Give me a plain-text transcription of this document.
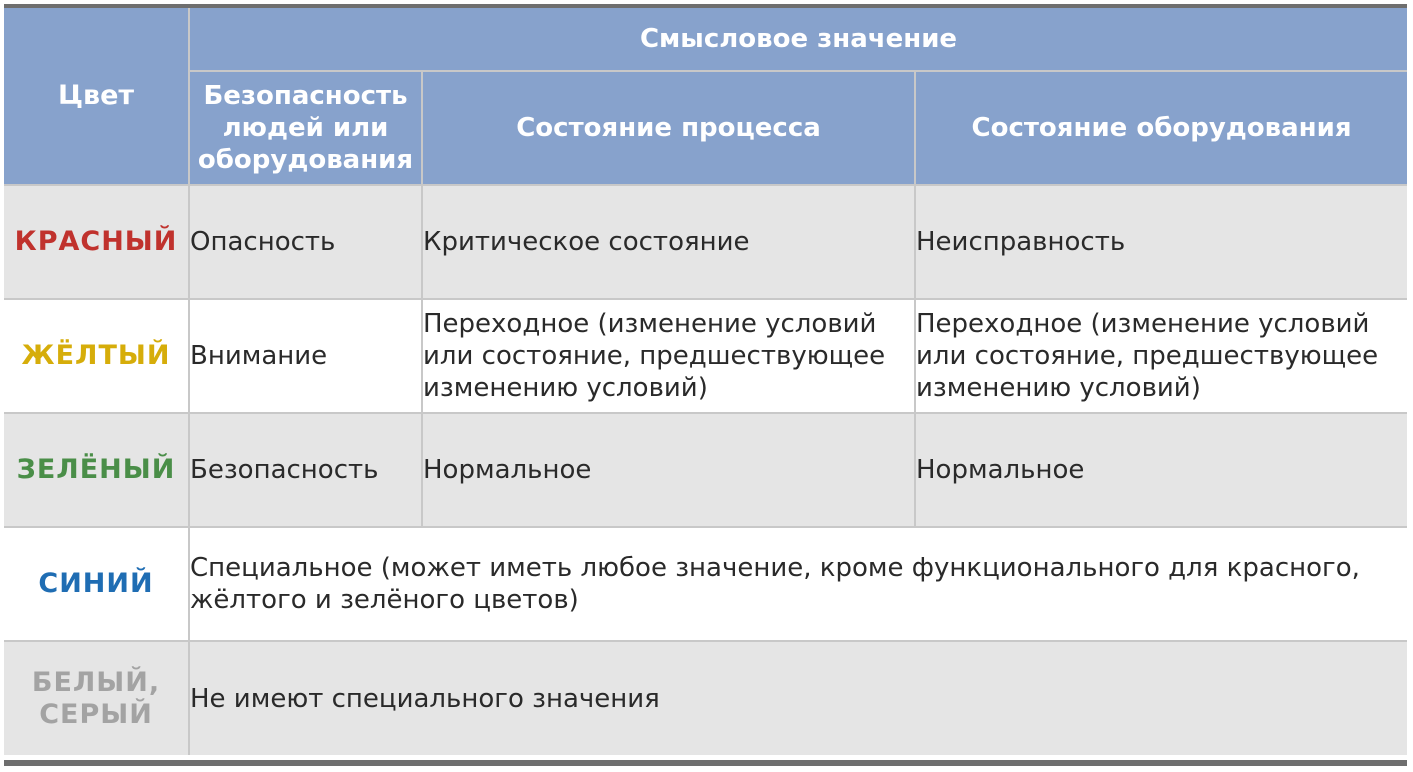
Цвет	Смысловое значение		
	Безопасность людей или оборудования	Состояние процесса	Состояние оборудования
КРАСНЫЙ	Опасность	Критическое состояние	Неисправность
ЖЁЛТЫЙ	Внимание	Переходное (изменение условий или состояние, предшествующее изменению условий)	Переходное (изменение условий или состояние, предшествующее изменению условий)
ЗЕЛЁНЫЙ	Безопасность	Нормальное	Нормальное
СИНИЙ	Специальное (может иметь любое значение, кроме функционального для красного, жёлтого и зелёного цветов)		
БЕЛЫЙ, СЕРЫЙ	Не имеют специального значения		
